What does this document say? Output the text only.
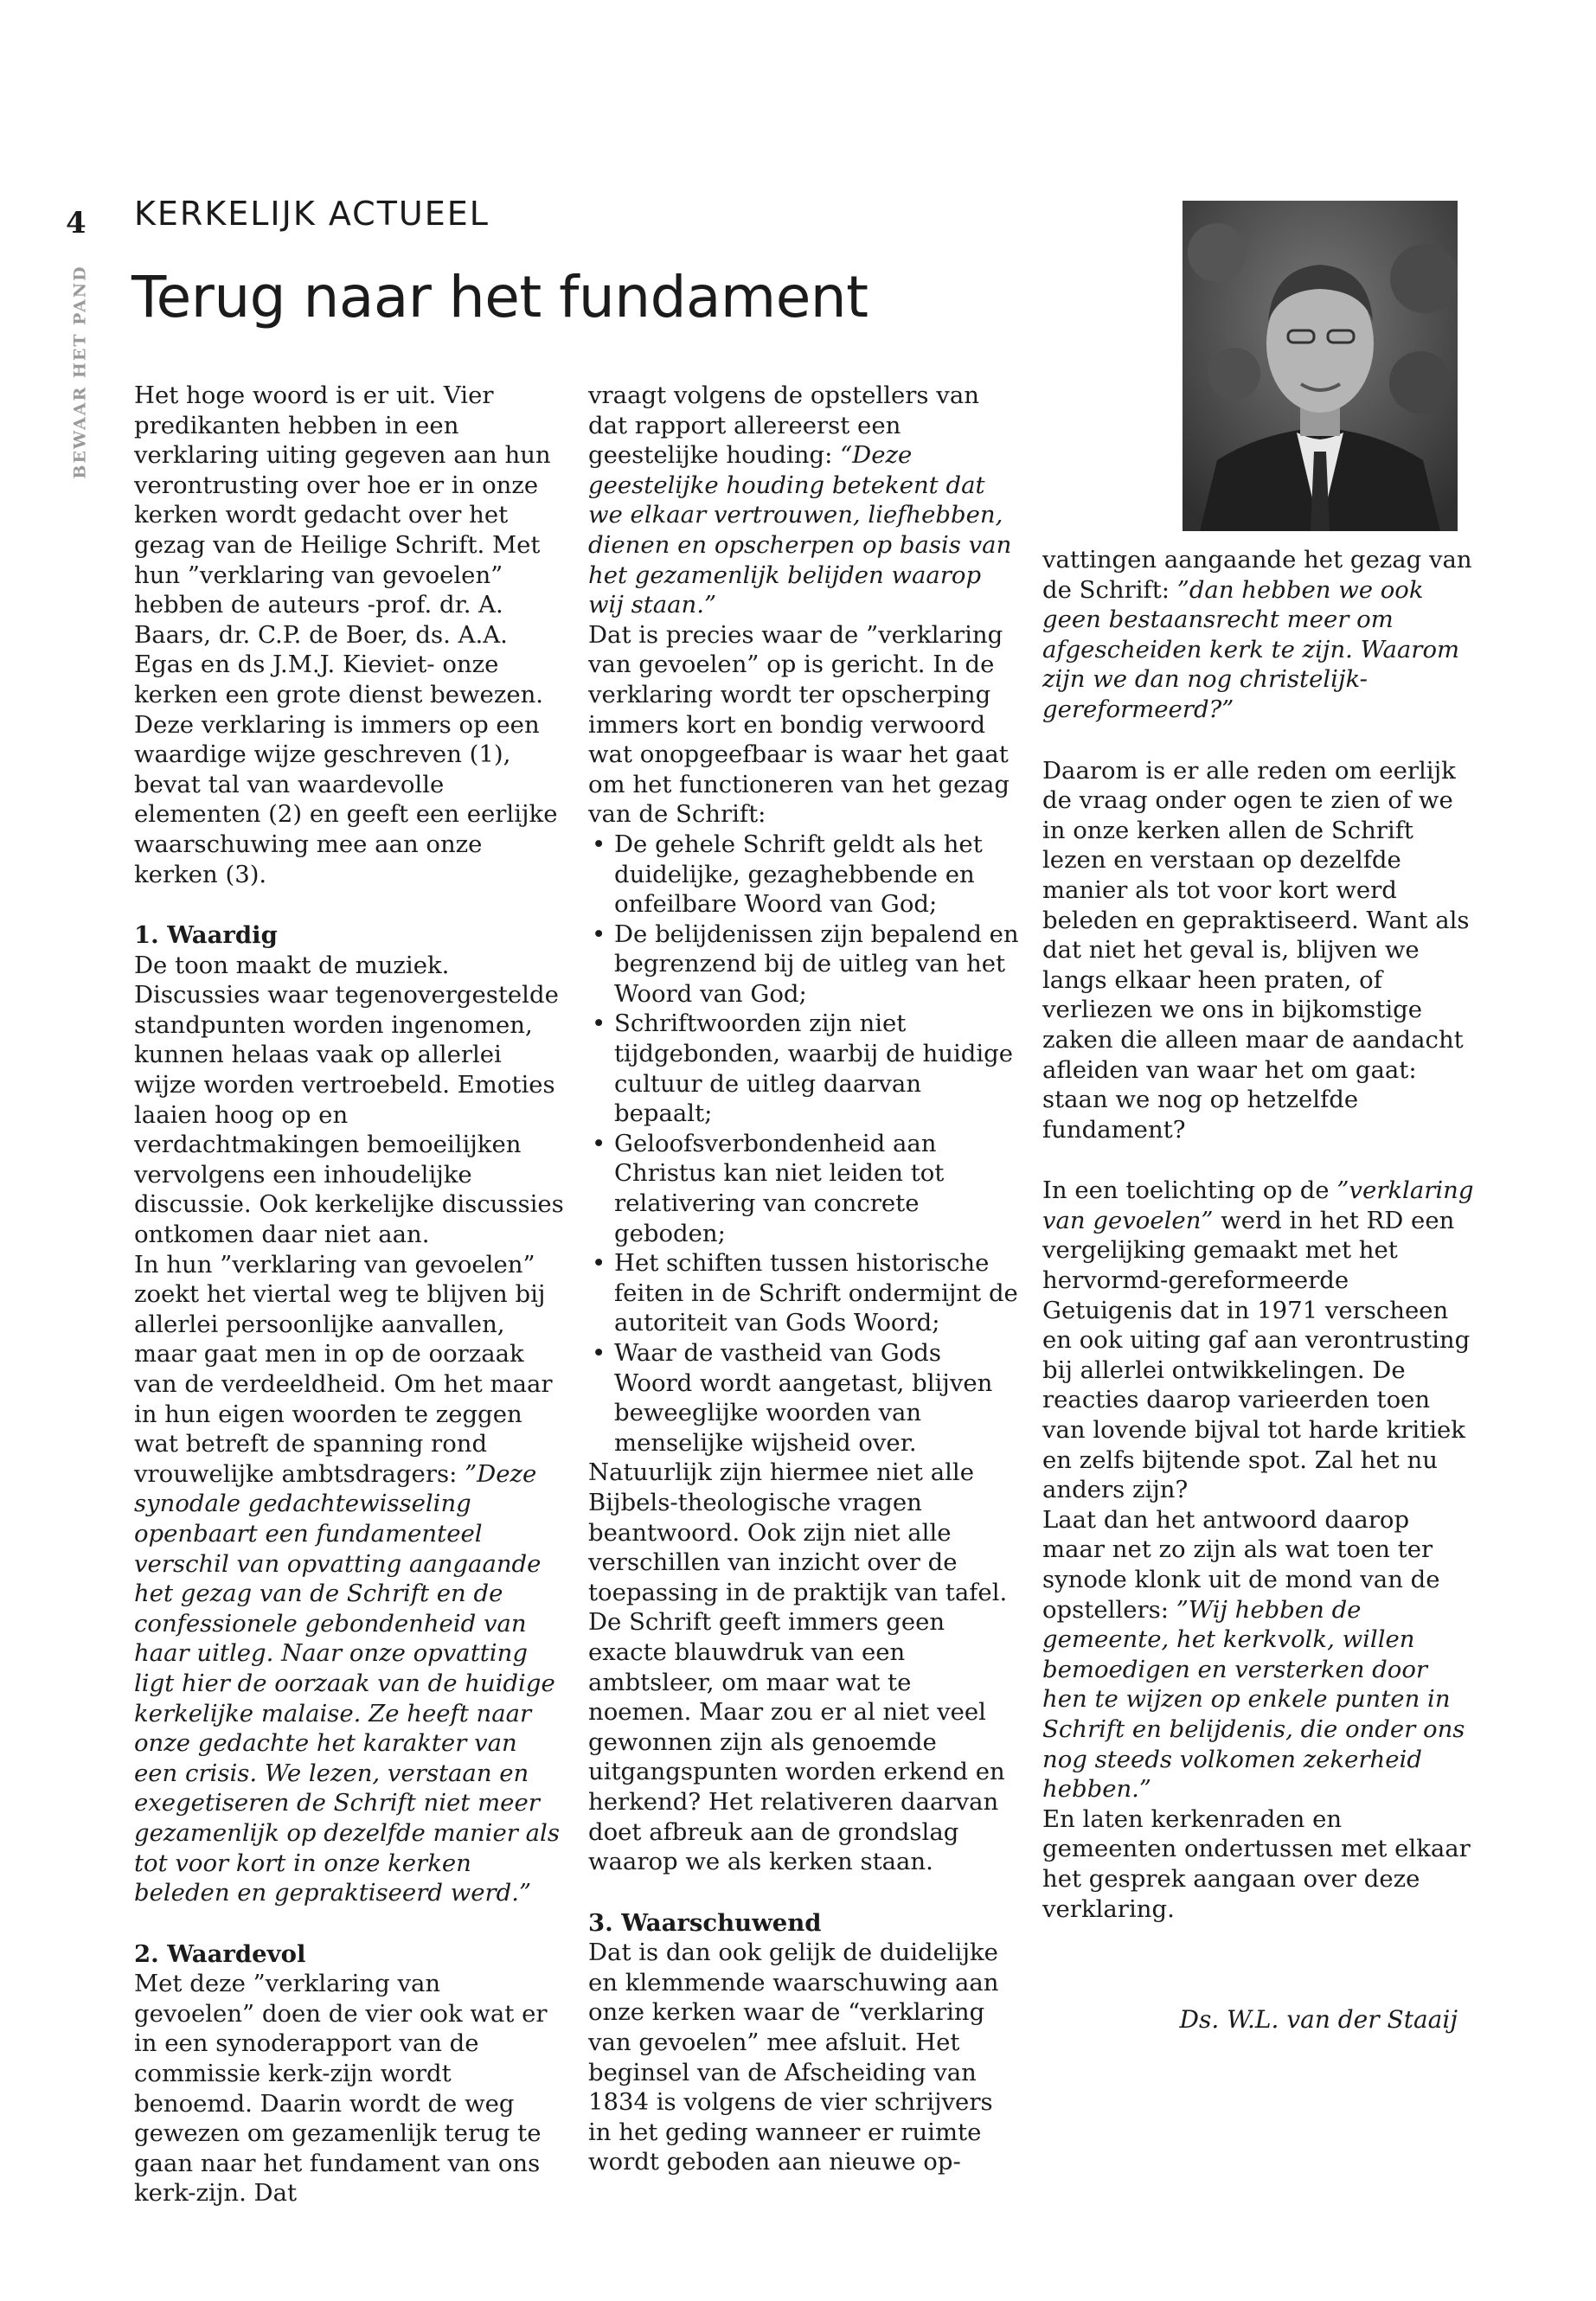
4
BEWAAR HET PAND
KERKELIJK ACTUEEL
Terug naar het fundament

Het hoge woord is er uit. Vier predikanten hebben in een verklaring uiting gegeven aan hun verontrusting over hoe er in onze kerken wordt gedacht over het gezag van de Heilige Schrift. Met hun ”verklaring van gevoelen” hebben de auteurs -prof. dr. A. Baars, dr. C.P. de Boer, ds. A.A. Egas en ds J.M.J. Kieviet- onze kerken een grote dienst bewezen. Deze verklaring is immers op een waardige wijze geschreven (1), bevat tal van waardevolle elementen (2) en geeft een eerlijke waarschuwing mee aan onze kerken (3).

1. Waardig

De toon maakt de muziek. Discussies waar tegenovergestelde standpunten worden ingenomen, kunnen helaas vaak op allerlei wijze worden vertroebeld. Emoties laaien hoog op en verdachtmakingen bemoeilijken vervolgens een inhoudelijke discussie. Ook kerkelijke discussies ontkomen daar niet aan.

In hun ”verklaring van gevoelen” zoekt het viertal weg te blijven bij allerlei persoonlijke aanvallen, maar gaat men in op de oorzaak van de verdeeldheid. Om het maar in hun eigen woorden te zeggen wat betreft de spanning rond vrouwelijke ambtsdragers: ”Deze synodale gedachtewisseling openbaart een fundamenteel verschil van opvatting aangaande het gezag van de Schrift en de confessionele gebondenheid van haar uitleg. Naar onze opvatting ligt hier de oorzaak van de huidige kerkelijke malaise. Ze heeft naar onze gedachte het karakter van een crisis. We lezen, verstaan en exegetiseren de Schrift niet meer gezamenlijk op dezelfde manier als tot voor kort in onze kerken beleden en gepraktiseerd werd.”

2. Waardevol

Met deze ”verklaring van gevoelen” doen de vier ook wat er in een synoderapport van de commissie kerk-zijn wordt benoemd. Daarin wordt de weg gewezen om gezamenlijk terug te gaan naar het fundament van ons kerk-zijn. Dat

vraagt volgens de opstellers van dat rapport allereerst een geestelijke houding: “Deze geestelijke houding betekent dat we elkaar vertrouwen, liefhebben, dienen en opscherpen op basis van het gezamenlijk belijden waarop wij staan.”

Dat is precies waar de ”verklaring van gevoelen” op is gericht. In de verklaring wordt ter opscherping immers kort en bondig verwoord wat onopgeefbaar is waar het gaat om het functioneren van het gezag van de Schrift:

• De gehele Schrift geldt als het duidelijke, gezaghebbende en onfeilbare Woord van God;
• De belijdenissen zijn bepalend en begrenzend bij de uitleg van het Woord van God;
• Schriftwoorden zijn niet tijdgebonden, waarbij de huidige cultuur de uitleg daarvan bepaalt;
• Geloofsverbondenheid aan Christus kan niet leiden tot relativering van concrete geboden;
• Het schiften tussen historische feiten in de Schrift ondermijnt de autoriteit van Gods Woord;
• Waar de vastheid van Gods Woord wordt aangetast, blijven beweeglijke woorden van menselijke wijsheid over.

Natuurlijk zijn hiermee niet alle Bijbels-theologische vragen beantwoord. Ook zijn niet alle verschillen van inzicht over de toepassing in de praktijk van tafel. De Schrift geeft immers geen exacte blauwdruk van een ambtsleer, om maar wat te noemen. Maar zou er al niet veel gewonnen zijn als genoemde uitgangspunten worden erkend en herkend? Het relativeren daarvan doet afbreuk aan de grondslag waarop we als kerken staan.

3. Waarschuwend

Dat is dan ook gelijk de duidelijke en klemmende waarschuwing aan onze kerken waar de “verklaring van gevoelen” mee afsluit. Het beginsel van de Afscheiding van 1834 is volgens de vier schrijvers in het geding wanneer er ruimte wordt geboden aan nieuwe op-

vattingen aangaande het gezag van de Schrift: ”dan hebben we ook geen bestaansrecht meer om afgescheiden kerk te zijn. Waarom zijn we dan nog christelijk-gereformeerd?”

Daarom is er alle reden om eerlijk de vraag onder ogen te zien of we in onze kerken allen de Schrift lezen en verstaan op dezelfde manier als tot voor kort werd beleden en gepraktiseerd. Want als dat niet het geval is, blijven we langs elkaar heen praten, of verliezen we ons in bijkomstige zaken die alleen maar de aandacht afleiden van waar het om gaat: staan we nog op hetzelfde fundament?

In een toelichting op de ”verklaring van gevoelen” werd in het RD een vergelijking gemaakt met het hervormd-gereformeerde Getuigenis dat in 1971 verscheen en ook uiting gaf aan verontrusting bij allerlei ontwikkelingen. De reacties daarop varieerden toen van lovende bijval tot harde kritiek en zelfs bijtende spot. Zal het nu anders zijn?

Laat dan het antwoord daarop maar net zo zijn als wat toen ter synode klonk uit de mond van de opstellers: ”Wij hebben de gemeente, het kerkvolk, willen bemoedigen en versterken door hen te wijzen op enkele punten in Schrift en belijdenis, die onder ons nog steeds volkomen zekerheid hebben.”

En laten kerkenraden en gemeenten ondertussen met elkaar het gesprek aangaan over deze verklaring.

Ds. W.L. van der Staaij
